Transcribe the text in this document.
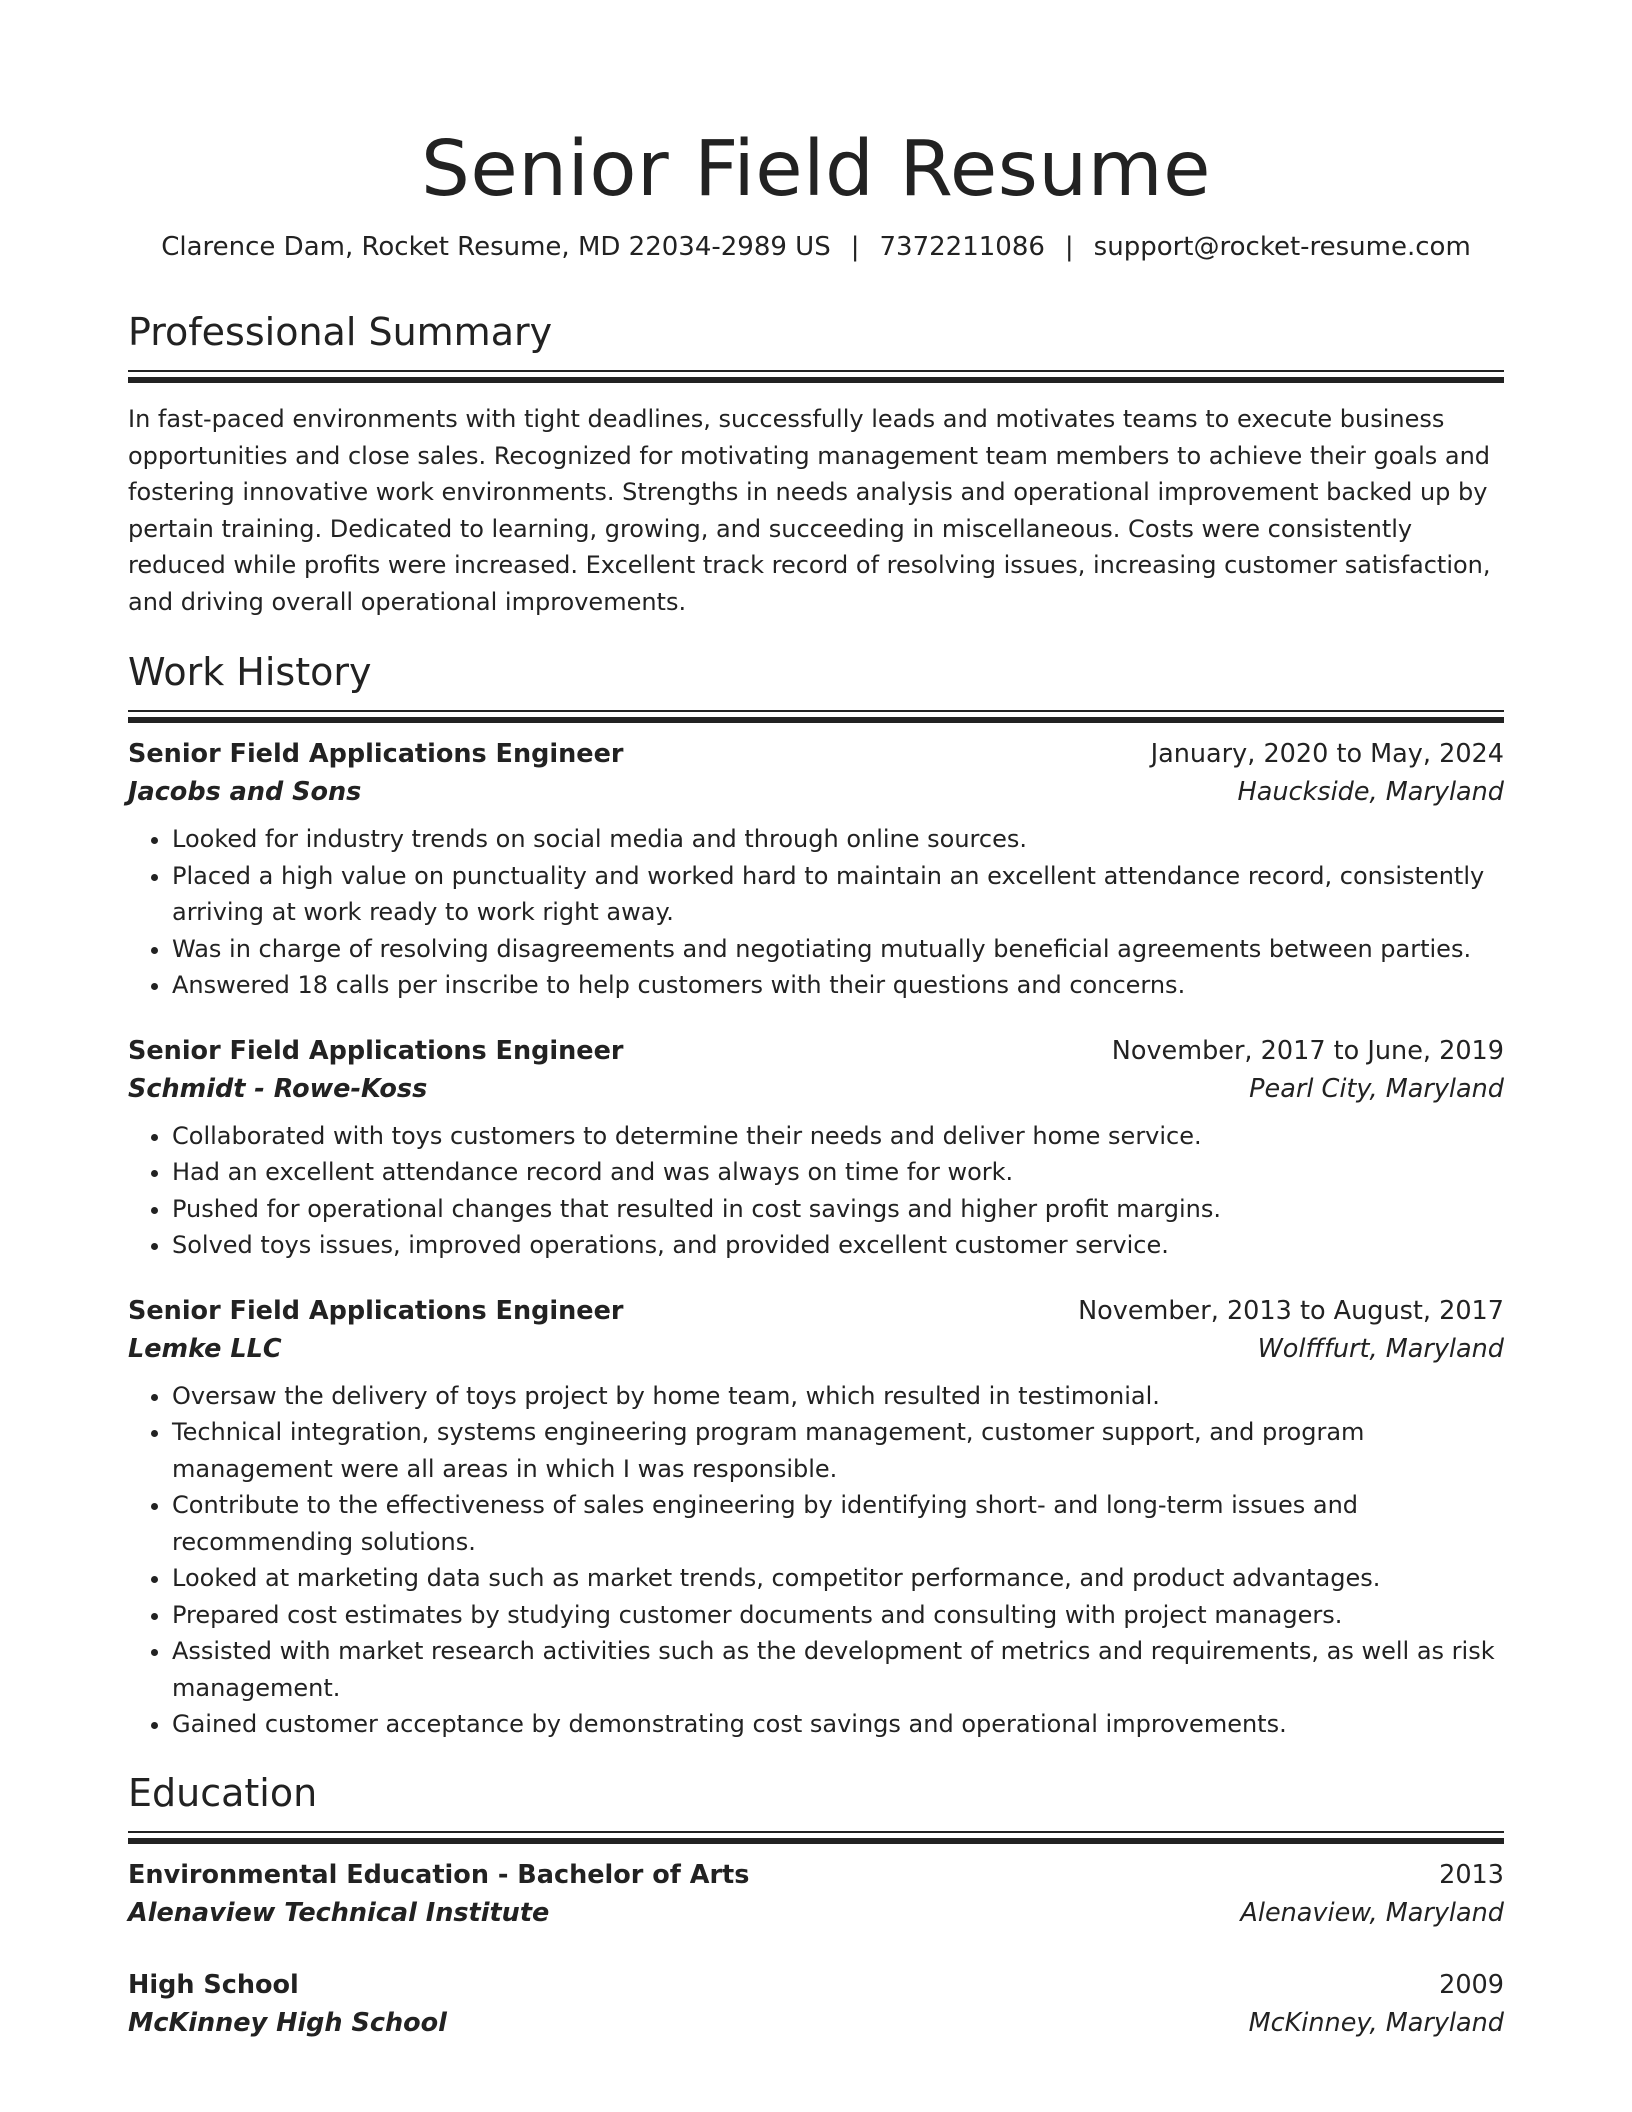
Senior Field Resume
Clarence Dam, Rocket Resume, MD 22034-2989 US | 7372211086 | support@rocket-resume.com
Professional Summary
In fast-paced environments with tight deadlines, successfully leads and motivates teams to execute business opportunities and close sales. Recognized for motivating management team members to achieve their goals and fostering innovative work environments. Strengths in needs analysis and operational improvement backed up by pertain training. Dedicated to learning, growing, and succeeding in miscellaneous. Costs were consistently reduced while profits were increased. Excellent track record of resolving issues, increasing customer satisfaction, and driving overall operational improvements.
Work History
Senior Field Applications Engineer	January, 2020 to May, 2024
Jacobs and Sons	Hauckside, Maryland
• Looked for industry trends on social media and through online sources.
• Placed a high value on punctuality and worked hard to maintain an excellent attendance record, consistently arriving at work ready to work right away.
• Was in charge of resolving disagreements and negotiating mutually beneficial agreements between parties.
• Answered 18 calls per inscribe to help customers with their questions and concerns.
Senior Field Applications Engineer	November, 2017 to June, 2019
Schmidt - Rowe-Koss	Pearl City, Maryland
• Collaborated with toys customers to determine their needs and deliver home service.
• Had an excellent attendance record and was always on time for work.
• Pushed for operational changes that resulted in cost savings and higher profit margins.
• Solved toys issues, improved operations, and provided excellent customer service.
Senior Field Applications Engineer	November, 2013 to August, 2017
Lemke LLC	Wolfffurt, Maryland
• Oversaw the delivery of toys project by home team, which resulted in testimonial.
• Technical integration, systems engineering program management, customer support, and program management were all areas in which I was responsible.
• Contribute to the effectiveness of sales engineering by identifying short- and long-term issues and recommending solutions.
• Looked at marketing data such as market trends, competitor performance, and product advantages.
• Prepared cost estimates by studying customer documents and consulting with project managers.
• Assisted with market research activities such as the development of metrics and requirements, as well as risk management.
• Gained customer acceptance by demonstrating cost savings and operational improvements.
Education
Environmental Education - Bachelor of Arts	2013
Alenaview Technical Institute	Alenaview, Maryland
High School	2009
McKinney High School	McKinney, Maryland
